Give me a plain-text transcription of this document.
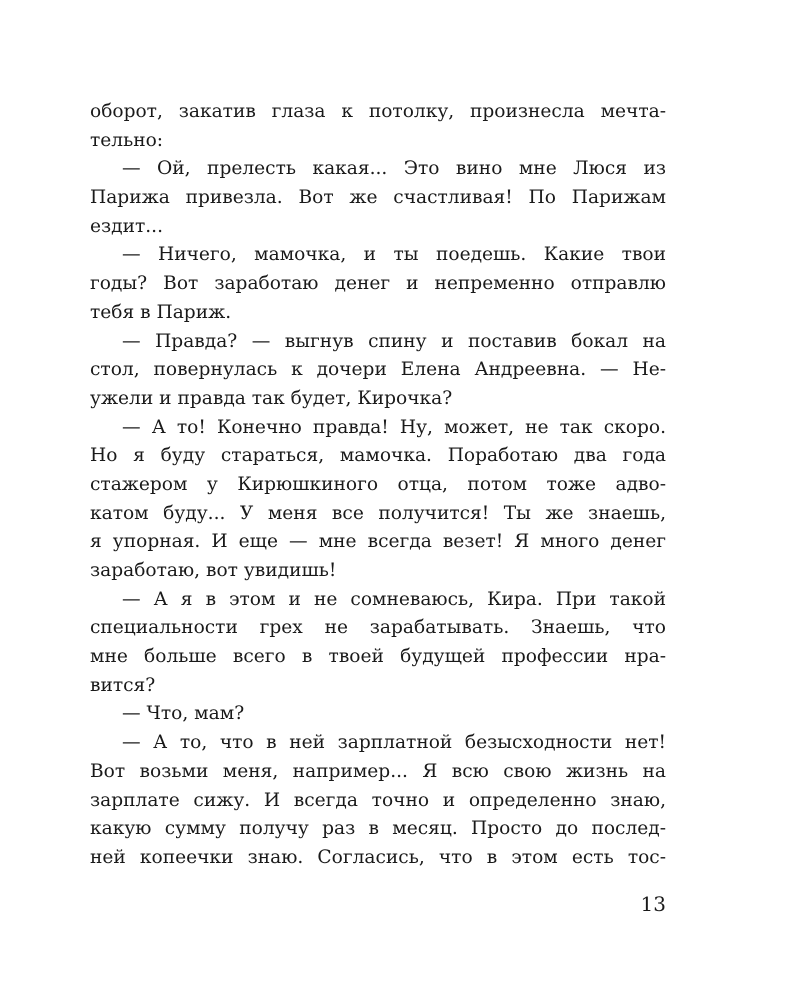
оборот, закатив глаза к потолку, произнесла мечта-
тельно:
— Ой, прелесть какая... Это вино мне Люся из
Парижа привезла. Вот же счастливая! По Парижам
ездит...
— Ничего, мамочка, и ты поедешь. Какие твои
годы? Вот заработаю денег и непременно отправлю
тебя в Париж.
— Правда? — выгнув спину и поставив бокал на
стол, повернулась к дочери Елена Андреевна. — Не-
ужели и правда так будет, Кирочка?
— А то! Конечно правда! Ну, может, не так скоро.
Но я буду стараться, мамочка. Поработаю два года
стажером у Кирюшкиного отца, потом тоже адво-
катом буду... У меня все получится! Ты же знаешь,
я упорная. И еще — мне всегда везет! Я много денег
заработаю, вот увидишь!
— А я в этом и не сомневаюсь, Кира. При такой
специальности грех не зарабатывать. Знаешь, что
мне больше всего в твоей будущей профессии нра-
вится?
— Что, мам?
— А то, что в ней зарплатной безысходности нет!
Вот возьми меня, например... Я всю свою жизнь на
зарплате сижу. И всегда точно и определенно знаю,
какую сумму получу раз в месяц. Просто до послед-
ней копеечки знаю. Согласись, что в этом есть тос-
13
